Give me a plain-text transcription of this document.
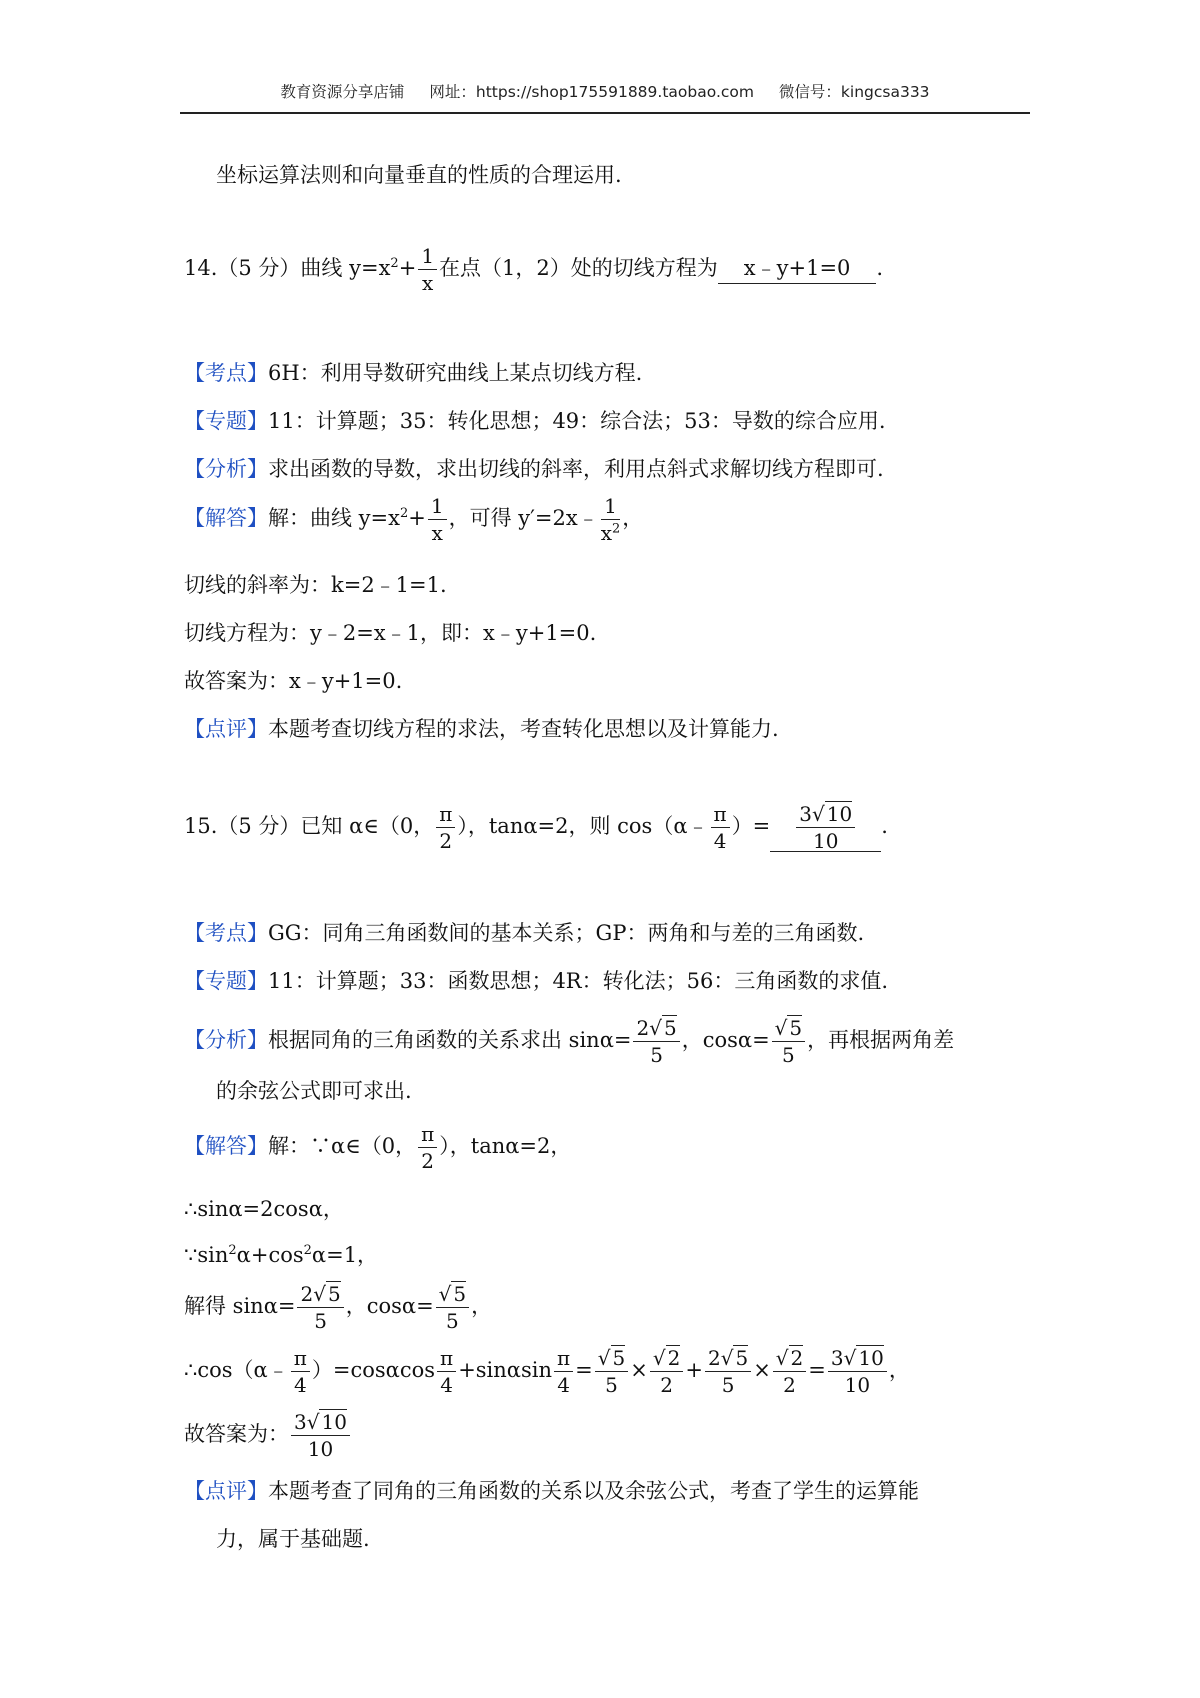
教育资源分享店铺 网址：https://shop175591889.taobao.com 微信号：kingcsa333
坐标运算法则和向量垂直的性质的合理运用.
14.（5 分）曲线 $y=x^2+ \frac{1}{x}$ 在点（1，2）处的切线方程为 x﹣y+1=0 .
【考点】6H：利用导数研究曲线上某点切线方程.
【专题】11：计算题；35：转化思想；49：综合法；53：导数的综合应用.
【分析】求出函数的导数，求出切线的斜率，利用点斜式求解切线方程即可.
【解答】解：曲线 $y=x^2+ \frac{1}{x}$ ，可得 y′=2x﹣ $\frac{1}{x^2}$ ，
切线的斜率为：k=2﹣1=1.
切线方程为：y﹣2=x﹣1，即：x﹣y+1=0.
故答案为：x﹣y+1=0.
【点评】本题考查切线方程的求法，考查转化思想以及计算能力.
15.（5 分）已知 α∈（0， $\frac{\pi}{2}$ ），tanα=2，则 cos（α﹣ $\frac{\pi}{4}$ ）= $\frac{3√ 10}{10}$ .
【考点】GG：同角三角函数间的基本关系；GP：两角和与差的三角函数.
【专题】11：计算题；33：函数思想；4R：转化法；56：三角函数的求值.
【分析】根据同角的三角函数的关系求出 $\sin\alpha= \frac{2√ 5}{5}$ ，$\cos\alpha= \frac{√ 5}{5}$ ，再根据两角差
的余弦公式即可求出.
【解答】解：∵α∈（0， $\frac{\pi}{2}$ ），tanα=2，
∴sinα=2cosα，
$\because\sin^2\alpha+\cos^2\alpha=1$，
解得 $\sin\alpha= \frac{2√ 5}{5}$ ，$\cos\alpha= \frac{√ 5}{5}$ ，
∴cos（α﹣ $\frac{\pi}{4} )=\cos\alpha\cos \frac{\pi}{4} +\sin\alpha\sin \frac{\pi}{4} = \frac{√ 5}{5} \times \frac{√ 2}{2} + \frac{2√ 5}{5} \times \frac{√ 2}{2} = \frac{3√ 10}{10}$ ，
故答案为： $\frac{3√ 10}{10}$
【点评】本题考查了同角的三角函数的关系以及余弦公式，考查了学生的运算能
力，属于基础题.
